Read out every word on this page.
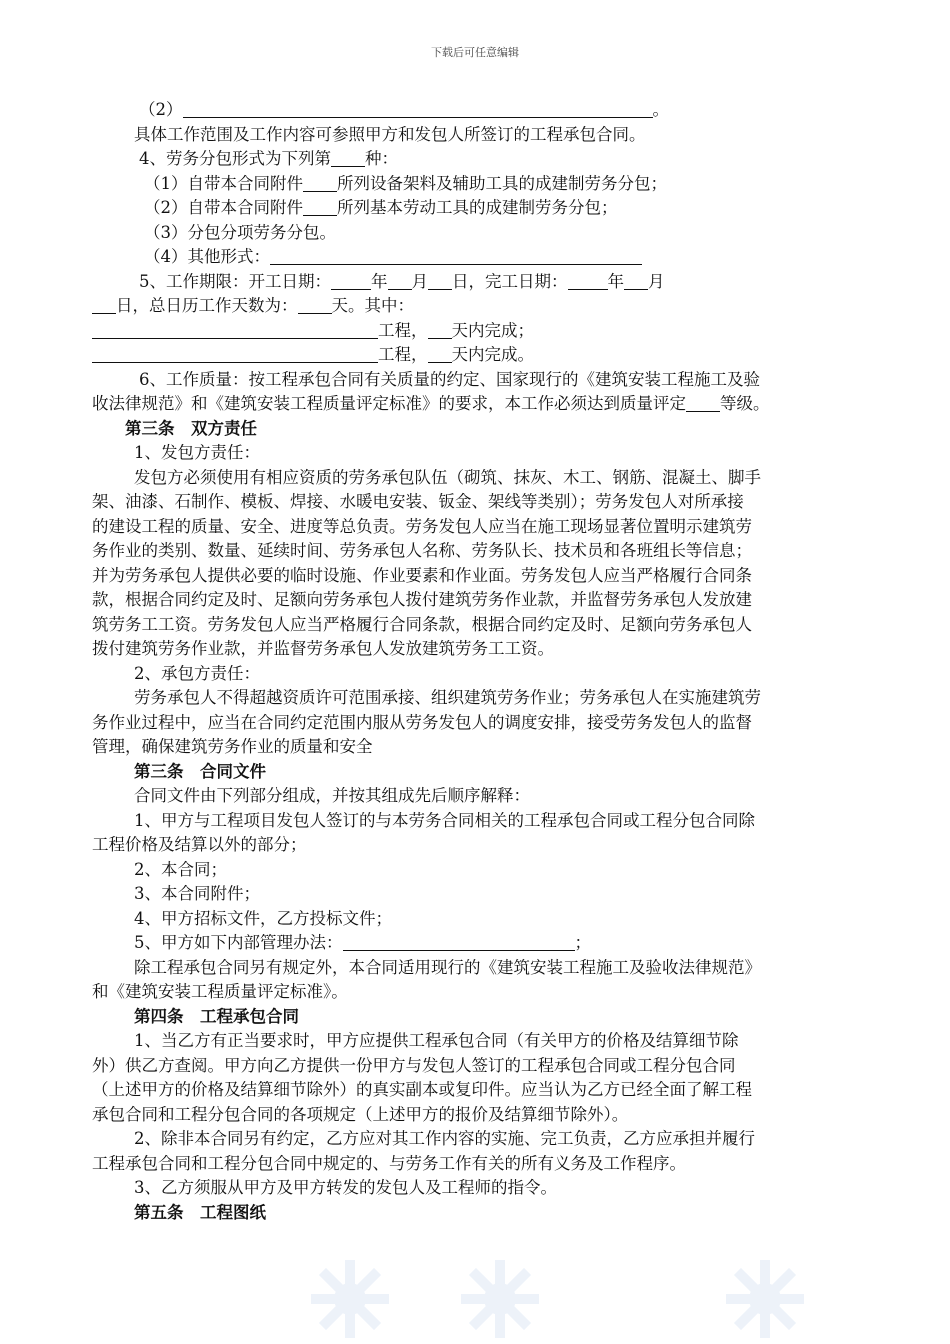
下载后可任意编辑
（2）	。
具体工作范围及工作内容可参照甲方和发包人所签订的工程承包合同。
4、劳务分包形式为下列第 种：
（1）自带本合同附件 所列设备架料及辅助工具的成建制劳务分包；
（2）自带本合同附件 所列基本劳动工具的成建制劳务分包；
（3）分包分项劳务分包。
（4）其他形式：
5、工作期限：开工日期： 年 月 日，完工日期： 年 月
日，总日历工作天数为： 天。其中：
工程， 天内完成；
工程， 天内完成。
6、工作质量：按工程承包合同有关质量的约定、国家现行的《建筑安装工程施工及验
收法律规范》和《建筑安装工程质量评定标准》的要求，本工作必须达到质量评定 等级。
第三条　双方责任
1、发包方责任：
发包方必须使用有相应资质的劳务承包队伍（砌筑、抹灰、木工、钢筋、混凝土、脚手
架、油漆、石制作、模板、焊接、水暖电安装、钣金、架线等类别）；劳务发包人对所承接
的建设工程的质量、安全、进度等总负责。劳务发包人应当在施工现场显著位置明示建筑劳
务作业的类别、数量、延续时间、劳务承包人名称、劳务队长、技术员和各班组长等信息；
并为劳务承包人提供必要的临时设施、作业要素和作业面。劳务发包人应当严格履行合同条
款，根据合同约定及时、足额向劳务承包人拨付建筑劳务作业款，并监督劳务承包人发放建
筑劳务工工资。劳务发包人应当严格履行合同条款，根据合同约定及时、足额向劳务承包人
拨付建筑劳务作业款，并监督劳务承包人发放建筑劳务工工资。
2、承包方责任：
劳务承包人不得超越资质许可范围承接、组织建筑劳务作业；劳务承包人在实施建筑劳
务作业过程中，应当在合同约定范围内服从劳务发包人的调度安排，接受劳务发包人的监督
管理，确保建筑劳务作业的质量和安全
第三条　合同文件
合同文件由下列部分组成，并按其组成先后顺序解释：
1、甲方与工程项目发包人签订的与本劳务合同相关的工程承包合同或工程分包合同除
工程价格及结算以外的部分；
2、本合同；
3、本合同附件；
4、甲方招标文件，乙方投标文件；
5、甲方如下内部管理办法：	；
除工程承包合同另有规定外，本合同适用现行的《建筑安装工程施工及验收法律规范》
和《建筑安装工程质量评定标准》。
第四条　工程承包合同
1、当乙方有正当要求时，甲方应提供工程承包合同（有关甲方的价格及结算细节除
外）供乙方查阅。甲方向乙方提供一份甲方与发包人签订的工程承包合同或工程分包合同
（上述甲方的价格及结算细节除外）的真实副本或复印件。应当认为乙方已经全面了解工程
承包合同和工程分包合同的各项规定（上述甲方的报价及结算细节除外）。
2、除非本合同另有约定，乙方应对其工作内容的实施、完工负责，乙方应承担并履行
工程承包合同和工程分包合同中规定的、与劳务工作有关的所有义务及工作程序。
3、乙方须服从甲方及甲方转发的发包人及工程师的指令。
第五条　工程图纸
